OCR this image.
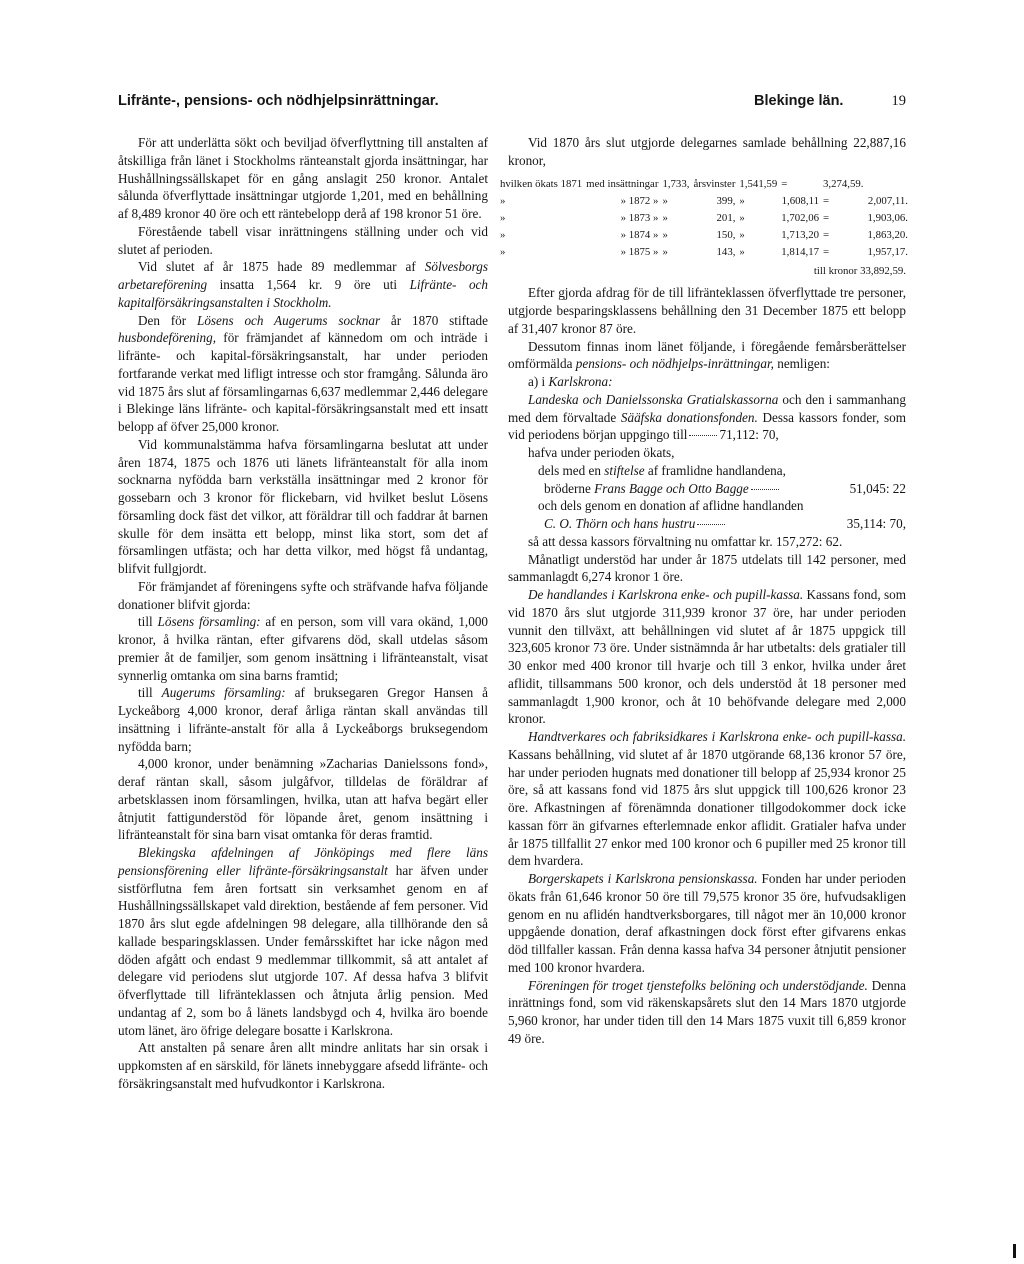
Lifränte-, pensions- och nödhjelpsinrättningar.	Blekinge län.	19

För att underlätta sökt och beviljad öfverflyttning till anstalten af åtskilliga från länet i Stockholms ränteanstalt gjorda insättningar, har Hushållningssällskapet för en gång anslagit 250 kronor. Antalet sålunda öfverflyttade insättningar utgjorde 1,201, med en behållning af 8,489 kronor 40 öre och ett räntebelopp derå af 198 kronor 51 öre.

Förestående tabell visar inrättningens ställning under och vid slutet af perioden.

Vid slutet af år 1875 hade 89 medlemmar af Sölvesborgs arbetareförening insatta 1,564 kr. 9 öre uti Lifränte- och kapitalförsäkringsanstalten i Stockholm.

Den för Lösens och Augerums socknar år 1870 stiftade husbondeförening, för främjandet af kännedom om och inträde i lifränte- och kapital-försäkringsanstalt, har under perioden fortfarande verkat med lifligt intresse och stor framgång. Sålunda äro vid 1875 års slut af församlingarnas 6,637 medlemmar 2,446 delegare i Blekinge läns lifränte- och kapital-försäkringsanstalt med ett insatt belopp af öfver 25,000 kronor.

Vid kommunalstämma hafva församlingarna beslutat att under åren 1874, 1875 och 1876 uti länets lifränteanstalt för alla inom socknarna nyfödda barn verkställa insättningar med 2 kronor för gossebarn och 3 kronor för flickebarn, vid hvilket beslut Lösens församling dock fäst det vilkor, att föräldrar till och faddrar åt barnen skulle för dem insätta ett belopp, minst lika stort, som det af församlingen utfästa; och har detta vilkor, med högst få undantag, blifvit fullgjordt.

För främjandet af föreningens syfte och sträfvande hafva följande donationer blifvit gjorda:

till Lösens församling: af en person, som vill vara okänd, 1,000 kronor, å hvilka räntan, efter gifvarens död, skall utdelas såsom premier åt de familjer, som genom insättning i lifränteanstalt, visat synnerlig omtanka om sina barns framtid;

till Augerums församling: af bruksegaren Gregor Hansen å Lyckeåborg 4,000 kronor, deraf årliga räntan skall användas till insättning i lifränte-anstalt för alla å Lyckeåborgs bruksegendom nyfödda barn;

4,000 kronor, under benämning »Zacharias Danielssons fond», deraf räntan skall, såsom julgåfvor, tilldelas de föräldrar af arbetsklassen inom församlingen, hvilka, utan att hafva begärt eller åtnjutit fattigunderstöd för löpande året, genom insättning i lifränteanstalt för sina barn visat omtanka för deras framtid.

Blekingska afdelningen af Jönköpings med flere läns pensionsförening eller lifränte-försäkringsanstalt har äfven under sistförflutna fem åren fortsatt sin verksamhet genom en af Hushållningssällskapet vald direktion, bestående af fem personer. Vid 1870 års slut egde afdelningen 98 delegare, alla tillhörande den så kallade besparingsklassen. Under femårsskiftet har icke någon med döden afgått och endast 9 medlemmar tillkommit, så att antalet af delegare vid periodens slut utgjorde 107. Af dessa hafva 3 blifvit öfverflyttade till lifränteklassen och åtnjuta årlig pension. Med undantag af 2, som bo å länets landsbygd och 4, hvilka äro boende utom länet, äro öfrige delegare bosatte i Karlskrona.

Att anstalten på senare åren allt mindre anlitats har sin orsak i uppkomsten af en särskild, för länets innebyggare afsedd lifränte- och försäkringsanstalt med hufvudkontor i Karlskrona.

Vid 1870 års slut utgjorde delegarnes samlade behållning 22,887,16 kronor,

hvilken ökats 1871	med insättningar	1,733,	årsvinster	1,541,59	=	3,274,59.	
»	» 1872 »	»	399,	»	1,608,11	=	2,007,11.
»	» 1873 »	»	201,	»	1,702,06	=	1,903,06.
»	» 1874 »	»	150,	»	1,713,20	=	1,863,20.
»	» 1875 »	»	143,	»	1,814,17	=	1,957,17.
till kronor 33,892,59.

Efter gjorda afdrag för de till lifränteklassen öfverflyttade tre personer, utgjorde besparingsklassens behållning den 31 December 1875 ett belopp af 31,407 kronor 87 öre.

Dessutom finnas inom länet följande, i föregående femårsberättelser omförmälda pensions- och nödhjelps-inrättningar, nemligen:

a) i Karlskrona:

Landeska och Danielssonska Gratialskassorna och den i sammanhang med dem förvaltade Sääfska donationsfonden. Dessa kassors fonder, som vid periodens början uppgingo till 71,112: 70,

hafva under perioden ökats,
dels med en stiftelse af framlidne handlandena,
bröderne Frans Bagge och Otto Bagge	51,045: 22
och dels genom en donation af aflidne handlanden
C. O. Thörn och hans hustru	35,114: 70,

så att dessa kassors förvaltning nu omfattar kr. 157,272: 62.

Månatligt understöd har under år 1875 utdelats till 142 personer, med sammanlagdt 6,274 kronor 1 öre.

De handlandes i Karlskrona enke- och pupill-kassa. Kassans fond, som vid 1870 års slut utgjorde 311,939 kronor 37 öre, har under perioden vunnit den tillväxt, att behållningen vid slutet af år 1875 uppgick till 323,605 kronor 73 öre. Under sistnämnda år har utbetalts: dels gratialer till 30 enkor med 400 kronor till hvarje och till 3 enkor, hvilka under året aflidit, tillsammans 500 kronor, och dels understöd åt 18 personer med sammanlagdt 1,900 kronor, och åt 10 behöfvande delegare med 2,000 kronor.

Handtverkares och fabriksidkares i Karlskrona enke- och pupill-kassa. Kassans behållning, vid slutet af år 1870 utgörande 68,136 kronor 57 öre, har under perioden hugnats med donationer till belopp af 25,934 kronor 25 öre, så att kassans fond vid 1875 års slut uppgick till 100,626 kronor 23 öre. Afkastningen af förenämnda donationer tillgodokommer dock icke kassan förr än gifvarnes efterlemnade enkor aflidit. Gratialer hafva under år 1875 tillfallit 27 enkor med 100 kronor och 6 pupiller med 25 kronor till dem hvardera.

Borgerskapets i Karlskrona pensionskassa. Fonden har under perioden ökats från 61,646 kronor 50 öre till 79,575 kronor 35 öre, hufvudsakligen genom en nu aflidén handtverksborgares, till något mer än 10,000 kronor uppgående donation, deraf afkastningen dock först efter gifvarens enkas död tillfaller kassan. Från denna kassa hafva 34 personer åtnjutit pensioner med 100 kronor hvardera.

Föreningen för troget tjenstefolks belöning och understödjande. Denna inrättnings fond, som vid räkenskapsårets slut den 14 Mars 1870 utgjorde 5,960 kronor, har under tiden till den 14 Mars 1875 vuxit till 6,859 kronor 49 öre.
